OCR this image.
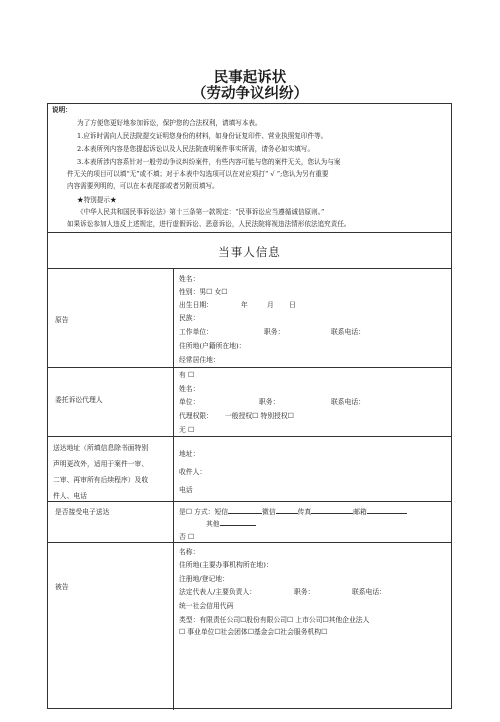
民事起诉状
（劳动争议纠纷）
说明：
为了方便您更好地参加诉讼，保护您的合法权利，请填写本表。
1.应诉时需向人民法院提交证明您身份的材料，如身份证复印件、营业执照复印件等。
2.本表所列内容是您提起诉讼以及人民法院查明案件事实所需，请务必如实填写。
3.本表所涉内容系针对一般劳动争议纠纷案件，有些内容可能与您的案件无关，您认为与案
件无关的项目可以填“无”或不填；对于本表中勾选项可以在对应项打“ √ ”;您认为另有重要
内容需要列明的，可以在本表尾部或者另附页填写。
★特别提示★
《中华人民共和国民事诉讼法》第十三条第一款规定：“民事诉讼应当遵循诚信原则。”
如果诉讼参加人违反上述规定，进行虚假诉讼、恶意诉讼，人民法院将视违法情形依法追究责任。
当事人信息
原告
姓名：
性别：男☐ 女☐
出生日期：	年	月 日
民族：
工作单位：	职务：	联系电话：
住所地(户籍所在地)：
经常居住地：
委托诉讼代理人
有 ☐
姓名：
单位：	职务：	联系电话：
代理权限： 一般授权☐ 特别授权☐
无 ☐
送达地址（所填信息除书面特别
声明更改外，适用于案件一审、
二审、再审所有后续程序）及收
件人、电话
地址：
收件人：
电话
是否接受电子送达	是☐ 方式：短信	微信	传真	邮箱
其他
否 ☐
被告
名称：
住所地(主要办事机构所在地)：
注册地/登记地：
法定代表人/主要负责人：	职务：	联系电话：
统一社会信用代码
类型：有限责任公司☐股份有限公司☐ 上市公司☐其他企业法人
☐ 事业单位☐社会团体☐基金会☐社会服务机构☐
